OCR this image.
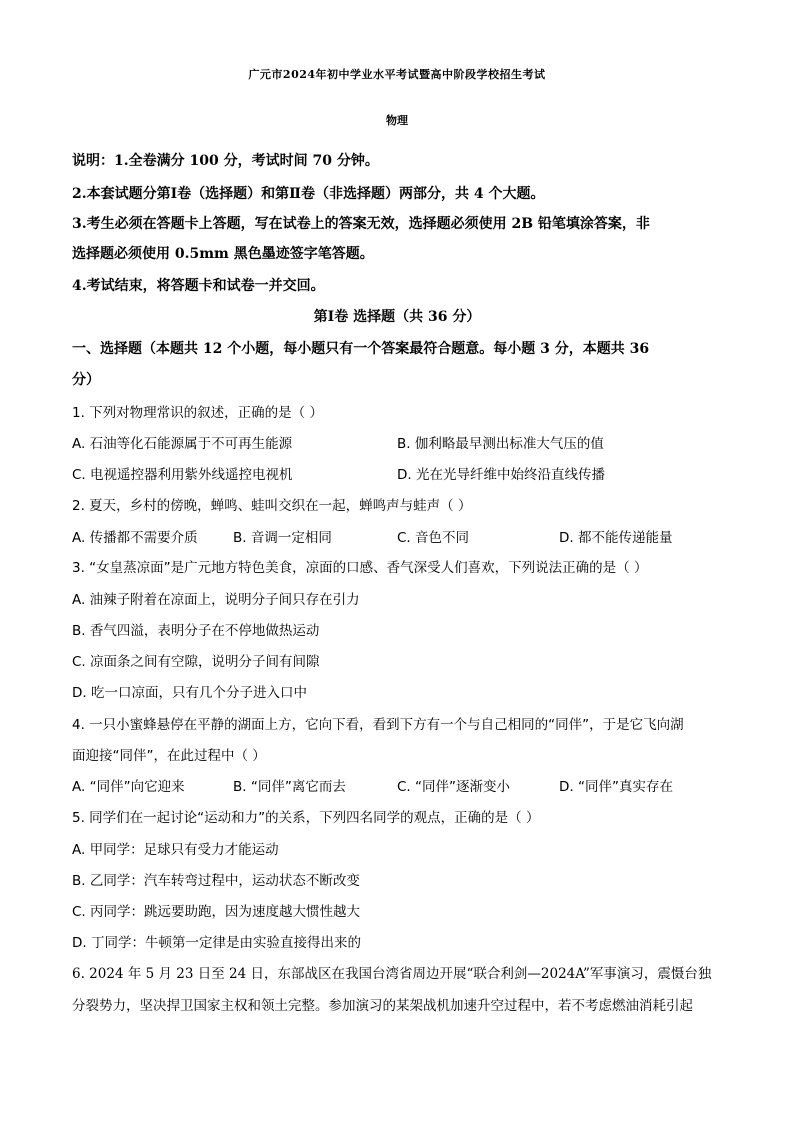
广元市2024年初中学业水平考试暨高中阶段学校招生考试
物理
说明：1.全卷满分 100 分，考试时间 70 分钟。
2.本套试题分第Ⅰ卷（选择题）和第Ⅱ卷（非选择题）两部分，共 4 个大题。
3.考生必须在答题卡上答题，写在试卷上的答案无效，选择题必须使用 2B 铅笔填涂答案，非
选择题必须使用 0.5mm 黑色墨迹签字笔答题。
4.考试结束，将答题卡和试卷一并交回。
第Ⅰ卷 选择题（共 36 分）
一、选择题（本题共 12 个小题，每小题只有一个答案最符合题意。每小题 3 分，本题共 36
分）
1. 下列对物理常识的叙述，正确的是（ ）
A. 石油等化石能源属于不可再生能源	B. 伽利略最早测出标准大气压的值
C. 电视遥控器利用紫外线遥控电视机	D. 光在光导纤维中始终沿直线传播
2. 夏天，乡村的傍晚，蝉鸣、蛙叫交织在一起，蝉鸣声与蛙声（ ）
A. 传播都不需要介质	B. 音调一定相同	C. 音色不同	D. 都不能传递能量
3. “女皇蒸凉面”是广元地方特色美食，凉面的口感、香气深受人们喜欢，下列说法正确的是（ ）
A. 油辣子附着在凉面上，说明分子间只存在引力
B. 香气四溢，表明分子在不停地做热运动
C. 凉面条之间有空隙，说明分子间有间隙
D. 吃一口凉面，只有几个分子进入口中
4. 一只小蜜蜂悬停在平静的湖面上方，它向下看，看到下方有一个与自己相同的“同伴”，于是它飞向湖
面迎接“同伴”，在此过程中（ ）
A. “同伴”向它迎来	B. “同伴”离它而去	C. “同伴”逐渐变小	D. “同伴”真实存在
5. 同学们在一起讨论“运动和力”的关系，下列四名同学的观点，正确的是（ ）
A. 甲同学：足球只有受力才能运动
B. 乙同学：汽车转弯过程中，运动状态不断改变
C. 丙同学：跳远要助跑，因为速度越大惯性越大
D. 丁同学：牛顿第一定律是由实验直接得出来的
6. 2024 年 5 月 23 日至 24 日，东部战区在我国台湾省周边开展“联合利剑—2024A”军事演习，震慑台独
分裂势力，坚决捍卫国家主权和领土完整。参加演习的某架战机加速升空过程中，若不考虑燃油消耗引起
